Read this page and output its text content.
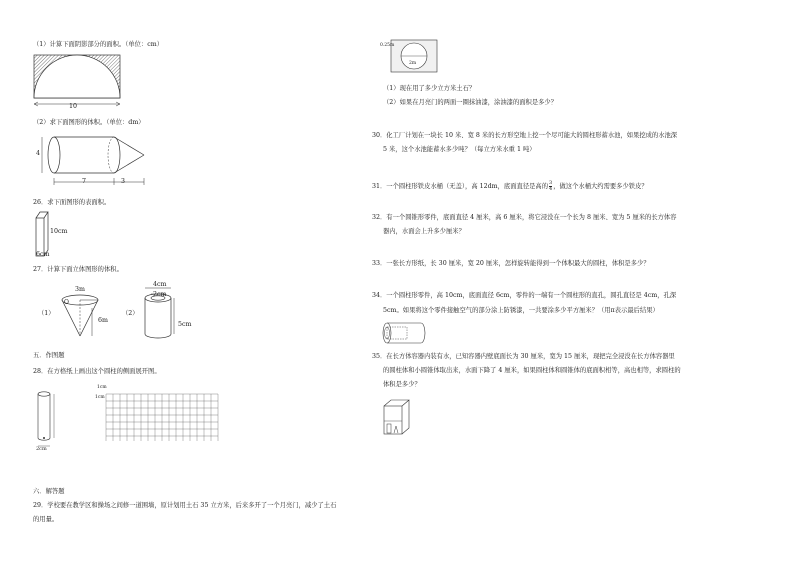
（1）计算下面阴影部分的面积。（单位：cm）
10
（2）求下面图形的体积。（单位：dm）
4
7	3
26．求下面图形的表面积。
10cm
6cm
27．计算下面立体图形的体积。
（1）
O
3m
6m
（2）
4cm
2cm
5cm
五．作图题
28．在方格纸上画出这个圆柱的侧面展开图。
2cm
1cm
1cm
六．解答题
29．学校要在教学区和操场之间修一道围墙，原计划用土石 35 立方米，后来多开了一个月亮门，减少了土石
的用量。
0.25m
2m
（1）现在用了多少立方米土石？
（2）如果在月亮门的两面一圈抹油漆，涂油漆的面积是多少？
30．化工厂计划在一块长 10 米、宽 8 米的长方形空地上挖一个尽可能大的圆柱形蓄水池，如果挖成的水池深
5 米，这个水池能蓄水多少吨？（每立方米水重 1 吨）
31．一个圆柱形铁皮水桶（无盖），高 12dm，底面直径是高的 $\frac{3}{4}$ ，做这个水桶大约需要多少铁皮？
32．有一个圆锥形零件，底面直径 4 厘米，高 6 厘米，将它浸没在一个长为 8 厘米、宽为 5 厘米的长方体容
器内，水面会上升多少厘米？
33．一张长方形纸，长 30 厘米，宽 20 厘米，怎样旋转能得到一个体积最大的圆柱，体积是多少？
34．一个圆柱形零件，高 10cm，底面直径 6cm，零件的一端有一个圆柱形的直孔，圆孔直径是 4cm，孔深
5cm。如果将这个零件接触空气的部分涂上防锈漆，一共要涂多少平方厘米？（用π表示最后结果）
35．在长方体容器内装有水，已知容器内壁底面长为 30 厘米，宽为 15 厘米，现把完全浸没在长方体容器里
的圆柱体和小圆锥体取出来，水面下降了 4 厘米，如果圆柱体和圆锥体的底面积相等，高也相等，求圆柱的
体积是多少？
